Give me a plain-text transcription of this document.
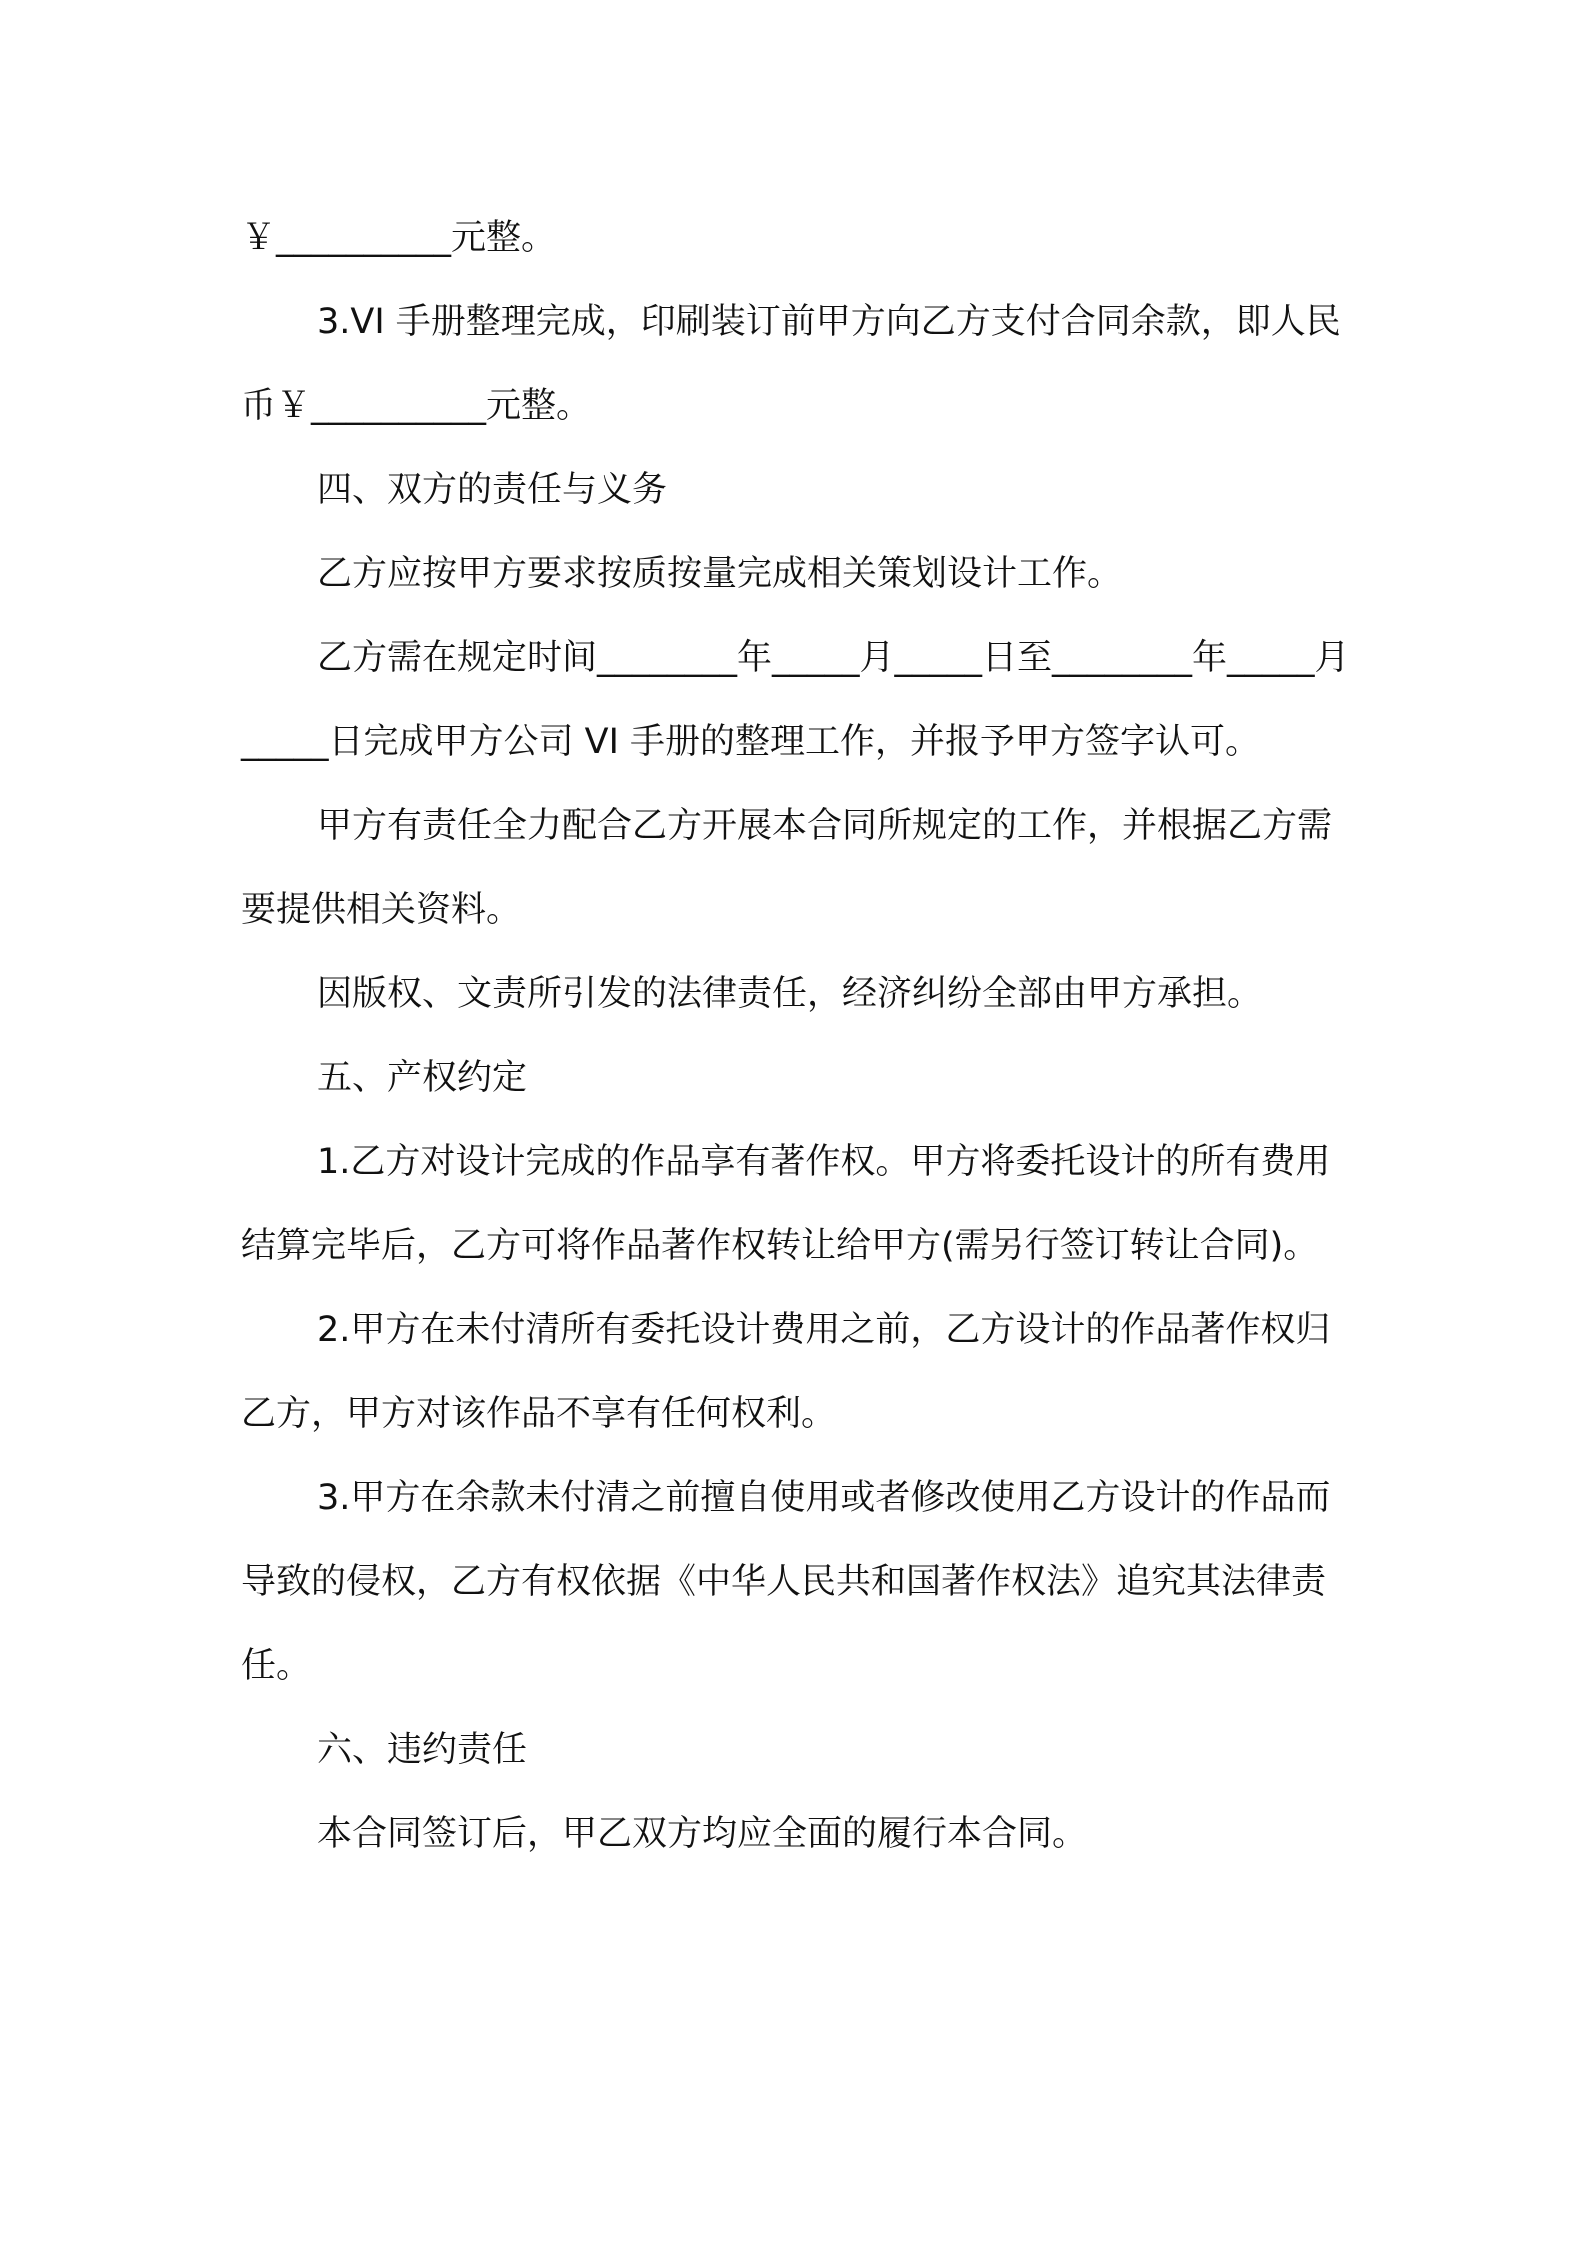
￥__________元整。

3.VI 手册整理完成，印刷装订前甲方向乙方支付合同余款，即人民币￥__________元整。

四、双方的责任与义务

乙方应按甲方要求按质按量完成相关策划设计工作。

乙方需在规定时间________年_____月_____日至________年_____月_____日完成甲方公司 VI 手册的整理工作，并报予甲方签字认可。

甲方有责任全力配合乙方开展本合同所规定的工作，并根据乙方需要提供相关资料。

因版权、文责所引发的法律责任，经济纠纷全部由甲方承担。

五、产权约定

1.乙方对设计完成的作品享有著作权。甲方将委托设计的所有费用结算完毕后，乙方可将作品著作权转让给甲方(需另行签订转让合同)。

2.甲方在未付清所有委托设计费用之前，乙方设计的作品著作权归乙方，甲方对该作品不享有任何权利。

3.甲方在余款未付清之前擅自使用或者修改使用乙方设计的作品而导致的侵权，乙方有权依据《中华人民共和国著作权法》追究其法律责任。

六、违约责任

本合同签订后，甲乙双方均应全面的履行本合同。
